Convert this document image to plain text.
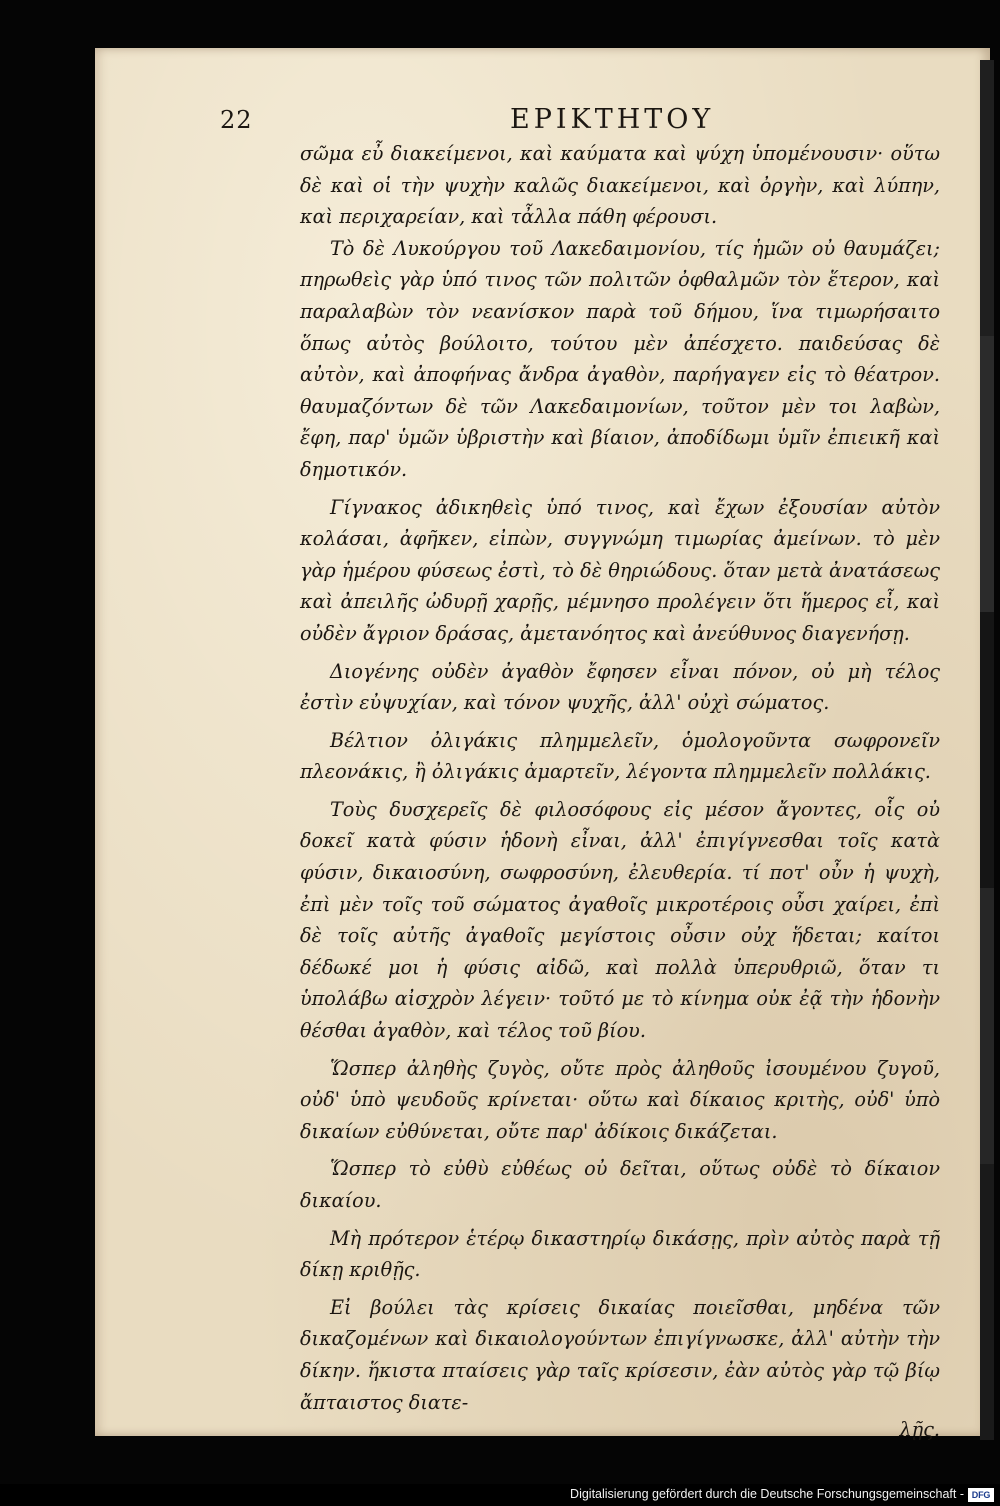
22	ΕΡΙΚΤΗΤΟΥ

σῶμα εὖ διακείμενοι, καὶ καύματα καὶ ψύχη ὑπομένουσιν· οὕτω δὲ καὶ οἱ τὴν ψυχὴν καλῶς διακείμενοι, καὶ ὀργὴν, καὶ λύπην, καὶ περιχαρείαν, καὶ τἆλλα πάθη φέρουσι.

Τὸ δὲ Λυκούργου τοῦ Λακεδαιμονίου, τίς ἡμῶν οὐ θαυμάζει; πηρωθεὶς γὰρ ὑπό τινος τῶν πολιτῶν ὀφθαλμῶν τὸν ἕτερον, καὶ παραλαβὼν τὸν νεανίσκον παρὰ τοῦ δήμου, ἵνα τιμωρήσαιτο ὅπως αὐτὸς βούλοιτο, τούτου μὲν ἀπέσχετο. παιδεύσας δὲ αὐτὸν, καὶ ἀποφήνας ἄνδρα ἀγαθὸν, παρήγαγεν εἰς τὸ θέατρον. θαυμαζόντων δὲ τῶν Λακεδαιμονίων, τοῦτον μὲν τοι λαβὼν, ἔφη, παρ' ὑμῶν ὑβριστὴν καὶ βίαιον, ἀποδίδωμι ὑμῖν ἐπιεικῆ καὶ δημοτικόν.

Γίγνακος ἀδικηθεὶς ὑπό τινος, καὶ ἔχων ἐξουσίαν αὐτὸν κολάσαι, ἀφῆκεν, εἰπὼν, συγγνώμη τιμωρίας ἀμείνων. τὸ μὲν γὰρ ἡμέρου φύσεως ἐστὶ, τὸ δὲ θηριώδους. ὅταν μετὰ ἀνατάσεως καὶ ἀπειλῆς ὠδυρῇ χαρῇς, μέμνησο προλέγειν ὅτι ἥμερος εἶ, καὶ οὐδὲν ἄγριον δράσας, ἀμετανόητος καὶ ἀνεύθυνος διαγενήσῃ.

Διογένης οὐδὲν ἀγαθὸν ἔφησεν εἶναι πόνον, οὐ μὴ τέλος ἐστὶν εὐψυχίαν, καὶ τόνον ψυχῆς, ἀλλ' οὐχὶ σώματος.

Βέλτιον ὀλιγάκις πλημμελεῖν, ὁμολογοῦντα σωφρονεῖν πλεονάκις, ἢ ὀλιγάκις ἁμαρτεῖν, λέγοντα πλημμελεῖν πολλάκις.

Τοὺς δυσχερεῖς δὲ φιλοσόφους εἰς μέσον ἄγοντες, οἷς οὐ δοκεῖ κατὰ φύσιν ἡδονὴ εἶναι, ἀλλ' ἐπιγίγνεσθαι τοῖς κατὰ φύσιν, δικαιοσύνη, σωφροσύνη, ἐλευθερία. τί ποτ' οὖν ἡ ψυχὴ, ἐπὶ μὲν τοῖς τοῦ σώματος ἀγαθοῖς μικροτέροις οὖσι χαίρει, ἐπὶ δὲ τοῖς αὐτῆς ἀγαθοῖς μεγίστοις οὖσιν οὐχ ἥδεται; καίτοι δέδωκέ μοι ἡ φύσις αἰδῶ, καὶ πολλὰ ὑπερυθριῶ, ὅταν τι ὑπολάβω αἰσχρὸν λέγειν· τοῦτό με τὸ κίνημα οὐκ ἐᾷ τὴν ἡδονὴν θέσθαι ἀγαθὸν, καὶ τέλος τοῦ βίου.

Ὥσπερ ἀληθὴς ζυγὸς, οὔτε πρὸς ἀληθοῦς ἰσουμένου ζυγοῦ, οὐδ' ὑπὸ ψευδοῦς κρίνεται· οὕτω καὶ δίκαιος κριτὴς, οὐδ' ὑπὸ δικαίων εὐθύνεται, οὔτε παρ' ἀδίκοις δικάζεται.

Ὥσπερ τὸ εὐθὺ εὐθέως οὐ δεῖται, οὕτως οὐδὲ τὸ δίκαιον δικαίου.

Μὴ πρότερον ἑτέρῳ δικαστηρίῳ δικάσῃς, πρὶν αὐτὸς παρὰ τῇ δίκῃ κριθῇς.

Εἰ βούλει τὰς κρίσεις δικαίας ποιεῖσθαι, μηδένα τῶν δικαζομένων καὶ δικαιολογούντων ἐπιγίγνωσκε, ἀλλ' αὐτὴν τὴν δίκην. ἥκιστα πταίσεις γὰρ ταῖς κρίσεσιν, ἐὰν αὐτὸς γὰρ τῷ βίῳ ἄπταιστος διατε-

λῇς.

Digitalisierung gefördert durch die Deutsche Forschungsgemeinschaft - DFG
